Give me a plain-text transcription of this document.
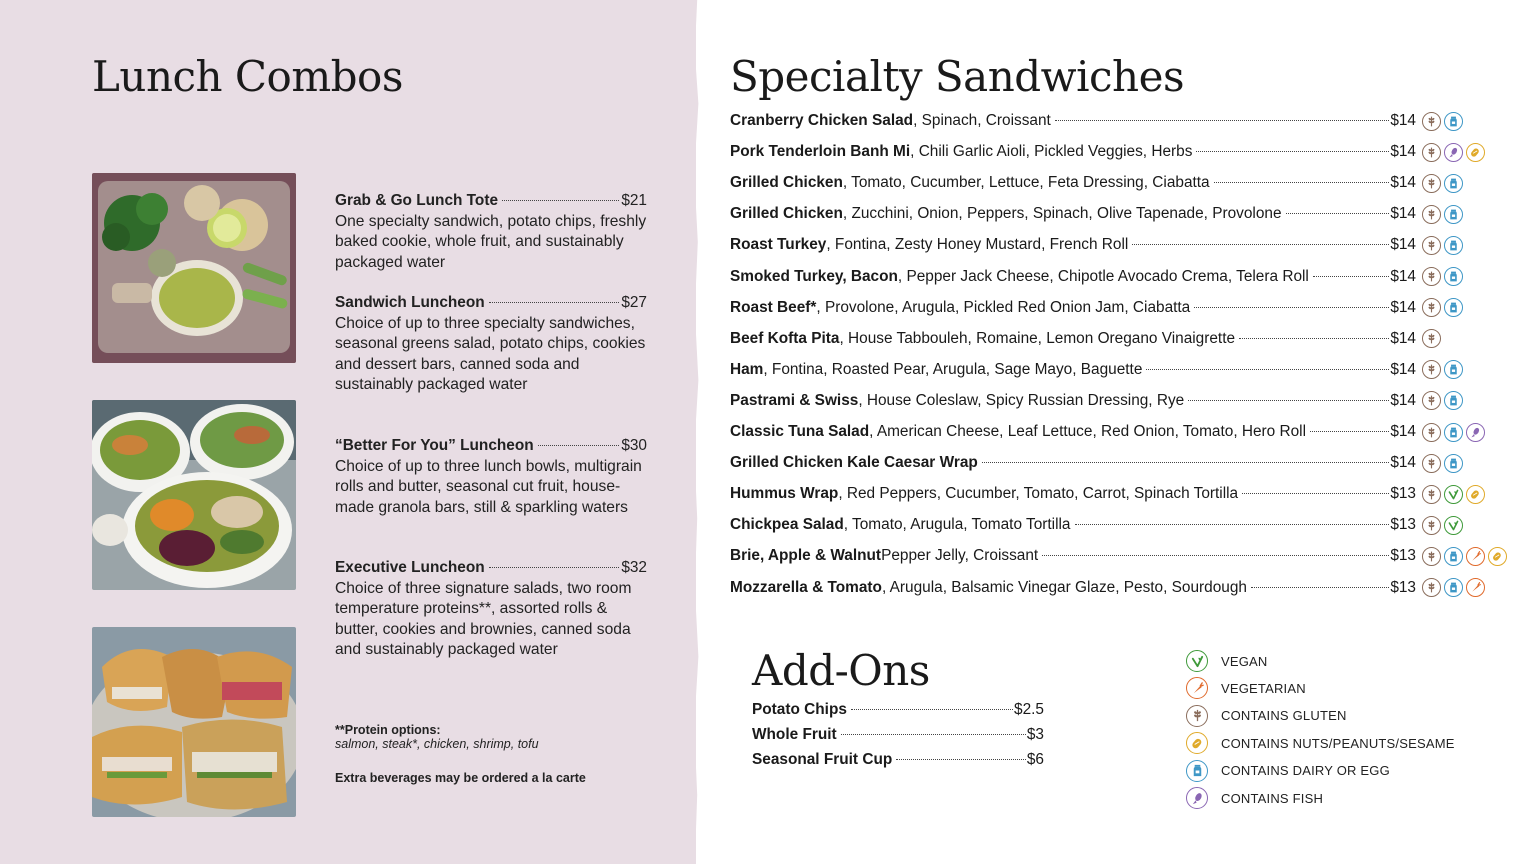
Lunch Combos
Grab & Go Lunch Tote	$21
One specialty sandwich, potato chips, freshly baked cookie, whole fruit, and sustainably packaged water
Sandwich Luncheon	$27
Choice of up to three specialty sandwiches, seasonal greens salad, potato chips, cookies and dessert bars, canned soda and sustainably packaged water
“Better For You” Luncheon	$30
Choice of up to three lunch bowls, multigrain rolls and butter, seasonal cut fruit, house-made granola bars, still & sparkling waters
Executive Luncheon	$32
Choice of three signature salads, two room temperature proteins**, assorted rolls & butter, cookies and brownies, canned soda and sustainably packaged water
**Protein options:
salmon, steak*, chicken, shrimp, tofu
Extra beverages may be ordered a la carte
Specialty Sandwiches
Cranberry Chicken Salad , Spinach, Croissant	$14
Pork Tenderloin Banh Mi , Chili Garlic Aioli, Pickled Veggies, Herbs	$14
Grilled Chicken , Tomato, Cucumber, Lettuce, Feta Dressing, Ciabatta	$14
Grilled Chicken , Zucchini, Onion, Peppers, Spinach, Olive Tapenade, Provolone	$14
Roast Turkey , Fontina, Zesty Honey Mustard, French Roll	$14
Smoked Turkey, Bacon , Pepper Jack Cheese, Chipotle Avocado Crema, Telera Roll	$14
Roast Beef* , Provolone, Arugula, Pickled Red Onion Jam, Ciabatta	$14
Beef Kofta Pita , House Tabbouleh, Romaine, Lemon Oregano Vinaigrette	$14
Ham , Fontina, Roasted Pear, Arugula, Sage Mayo, Baguette	$14
Pastrami & Swiss , House Coleslaw, Spicy Russian Dressing, Rye	$14
Classic Tuna Salad , American Cheese, Leaf Lettuce, Red Onion, Tomato, Hero Roll	$14
Grilled Chicken Kale Caesar Wrap	$14
Hummus Wrap , Red Peppers, Cucumber, Tomato, Carrot, Spinach Tortilla	$13
Chickpea Salad , Tomato, Arugula, Tomato Tortilla	$13
Brie, Apple & Walnut Pepper Jelly, Croissant	$13
Mozzarella & Tomato , Arugula, Balsamic Vinegar Glaze, Pesto, Sourdough	$13
Add-Ons
Potato Chips	$2.5
Whole Fruit	$3
Seasonal Fruit Cup	$6
VEGAN
VEGETARIAN
CONTAINS GLUTEN
CONTAINS NUTS/PEANUTS/SESAME
CONTAINS DAIRY OR EGG
CONTAINS FISH
